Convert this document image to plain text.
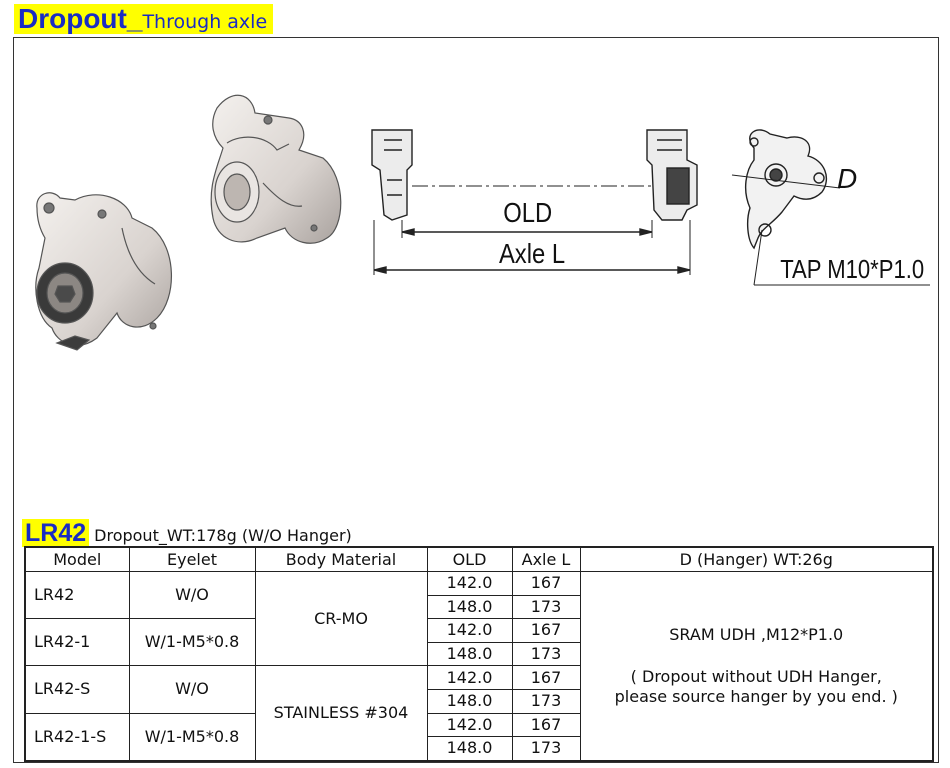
Dropout_ Through axle
OLD
Axle L
D
TAP M10*P1.0
LR42 Dropout_WT:178g (W/O Hanger)
Model	Eyelet	Body Material	OLD	Axle L	D (Hanger) WT:26g
LR42	W/O	CR-MO	142.0	167	SRAM UDH ,M12*P1.0
( Dropout without UDH Hanger,
please source hanger by you end. )

			148.0	173	
LR42-1	W/1-M5*0.8		142.0	167	
			148.0	173	
LR42-S	W/O	STAINLESS #304	142.0	167	
			148.0	173	
LR42-1-S	W/1-M5*0.8		142.0	167	
			148.0	173	
